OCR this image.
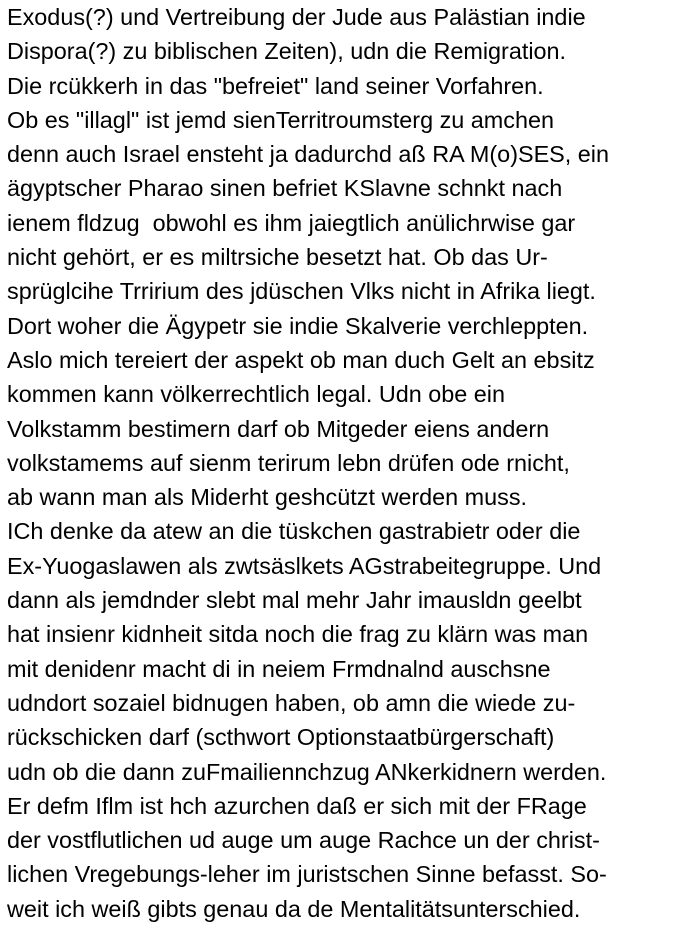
Exodus(?) und Vertreibung der Jude aus Palästian indie
Dispora(?) zu biblischen Zeiten), udn die Remigration.
Die rcükkerh in das "befreiet" land seiner Vorfahren.
Ob es "illagl" ist jemd sienTerritroumsterg zu amchen
denn auch Israel ensteht ja dadurchd aß RA M(o)SES, ein
ägyptscher Pharao sinen befriet KSlavne schnkt nach
ienem fldzug  obwohl es ihm jaiegtlich anülichrwise gar
nicht gehört, er es miltrsiche besetzt hat. Ob das Ur-
sprüglcihe Trririum des jdüschen Vlks nicht in Afrika liegt.
Dort woher die Ägypetr sie indie Skalverie verchleppten.
Aslo mich tereiert der aspekt ob man duch Gelt an ebsitz
kommen kann völkerrechtlich legal. Udn obe ein
Volkstamm bestimern darf ob Mitgeder eiens andern
volkstamems auf sienm terirum lebn drüfen ode rnicht,
ab wann man als Miderht geshcützt werden muss.
ICh denke da atew an die tüskchen gastrabietr oder die
Ex-Yuogaslawen als zwtsäslkets AGstrabeitegruppe. Und
dann als jemdnder slebt mal mehr Jahr imausldn geelbt
hat insienr kidnheit sitda noch die frag zu klärn was man
mit denidenr macht di in neiem Frmdnalnd auschsne
udndort sozaiel bidnugen haben, ob amn die wiede zu-
rückschicken darf (scthwort Optionstaatbürgerschaft)
udn ob die dann zuFmailiennchzug ANkerkidnern werden.
Er defm Iflm ist hch azurchen daß er sich mit der FRage
der vostflutlichen ud auge um auge Rachce un der christ-
lichen Vregebungs-leher im juristschen Sinne befasst. So-
weit ich weiß gibts genau da de Mentalitätsunterschied.
